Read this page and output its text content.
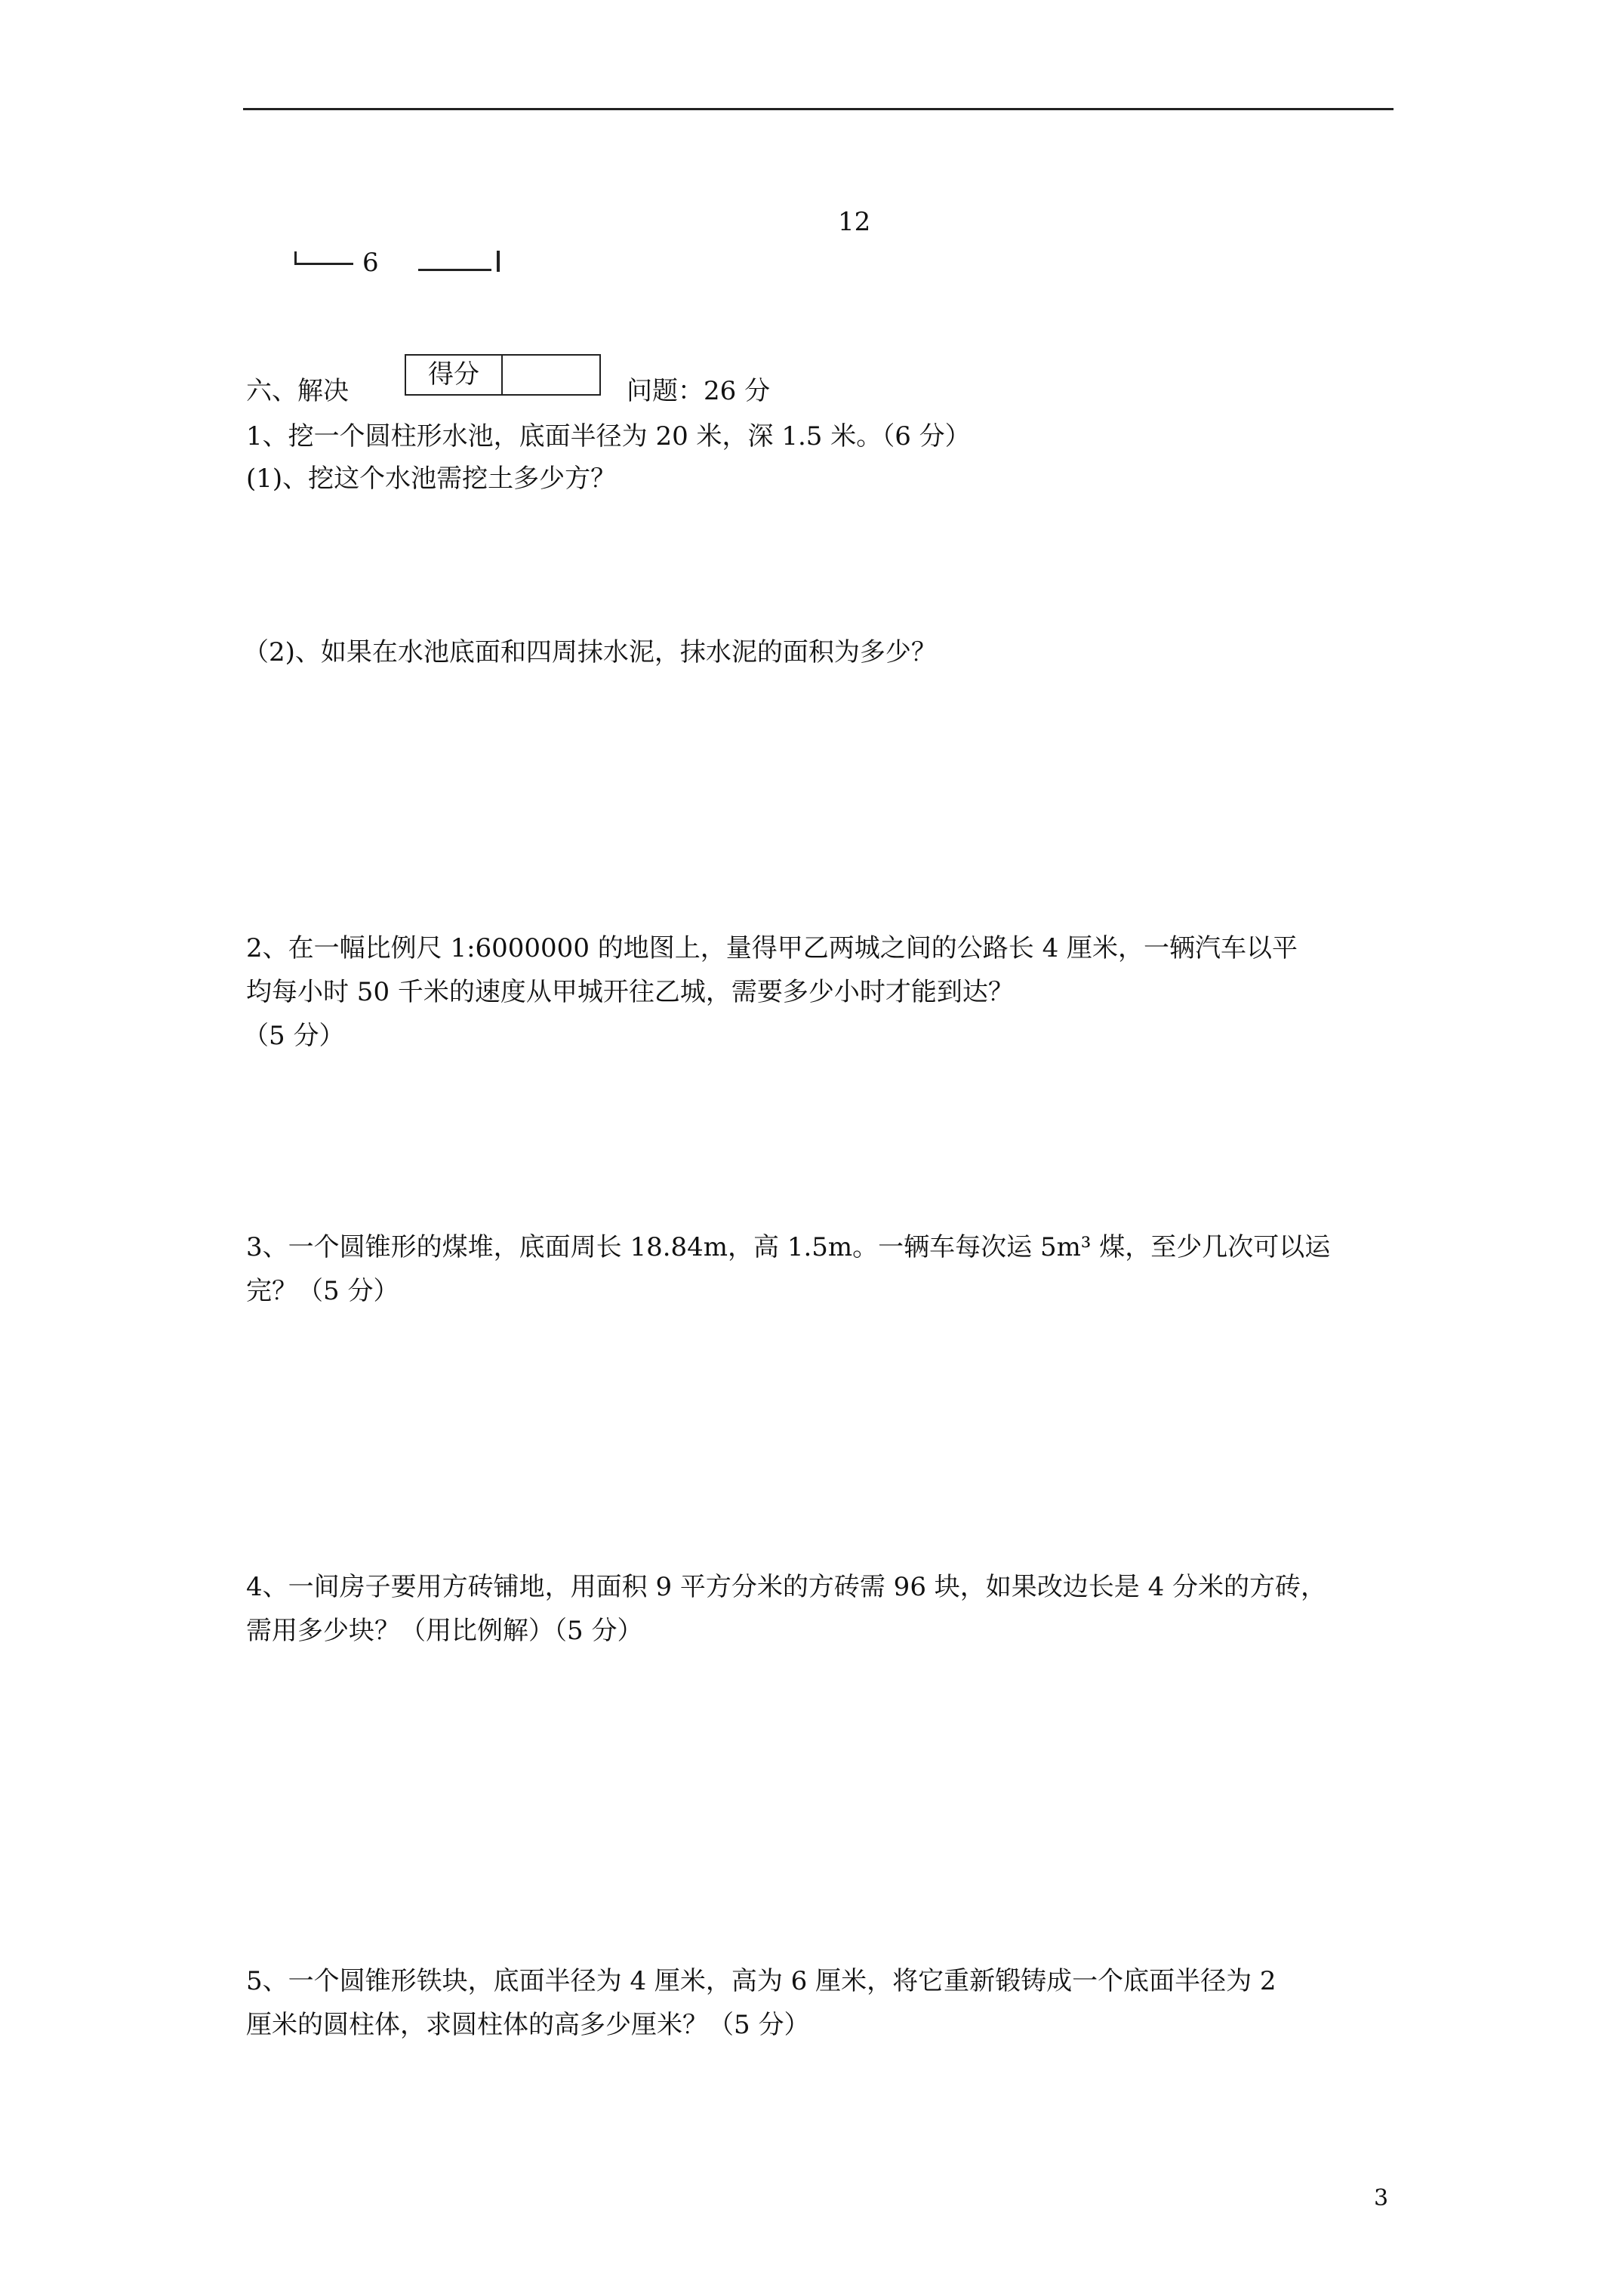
12
6
六、解决
得分
问题：26 分
1、挖一个圆柱形水池，底面半径为 20 米，深 1.5 米。（6 分）
(1)、挖这个水池需挖土多少方？
（2)、如果在水池底面和四周抹水泥，抹水泥的面积为多少？
2、在一幅比例尺 1:6000000 的地图上，量得甲乙两城之间的公路长 4 厘米，一辆汽车以平
均每小时 50 千米的速度从甲城开往乙城，需要多少小时才能到达？
（5 分）
3、一个圆锥形的煤堆，底面周长 18.84m，高 1.5m。一辆车每次运 5m³ 煤，至少几次可以运
完？（5 分）
4、一间房子要用方砖铺地，用面积 9 平方分米的方砖需 96 块，如果改边长是 4 分米的方砖，
需用多少块？（用比例解）（5 分）
5、一个圆锥形铁块，底面半径为 4 厘米，高为 6 厘米，将它重新锻铸成一个底面半径为 2
厘米的圆柱体，求圆柱体的高多少厘米？（5 分）
3
